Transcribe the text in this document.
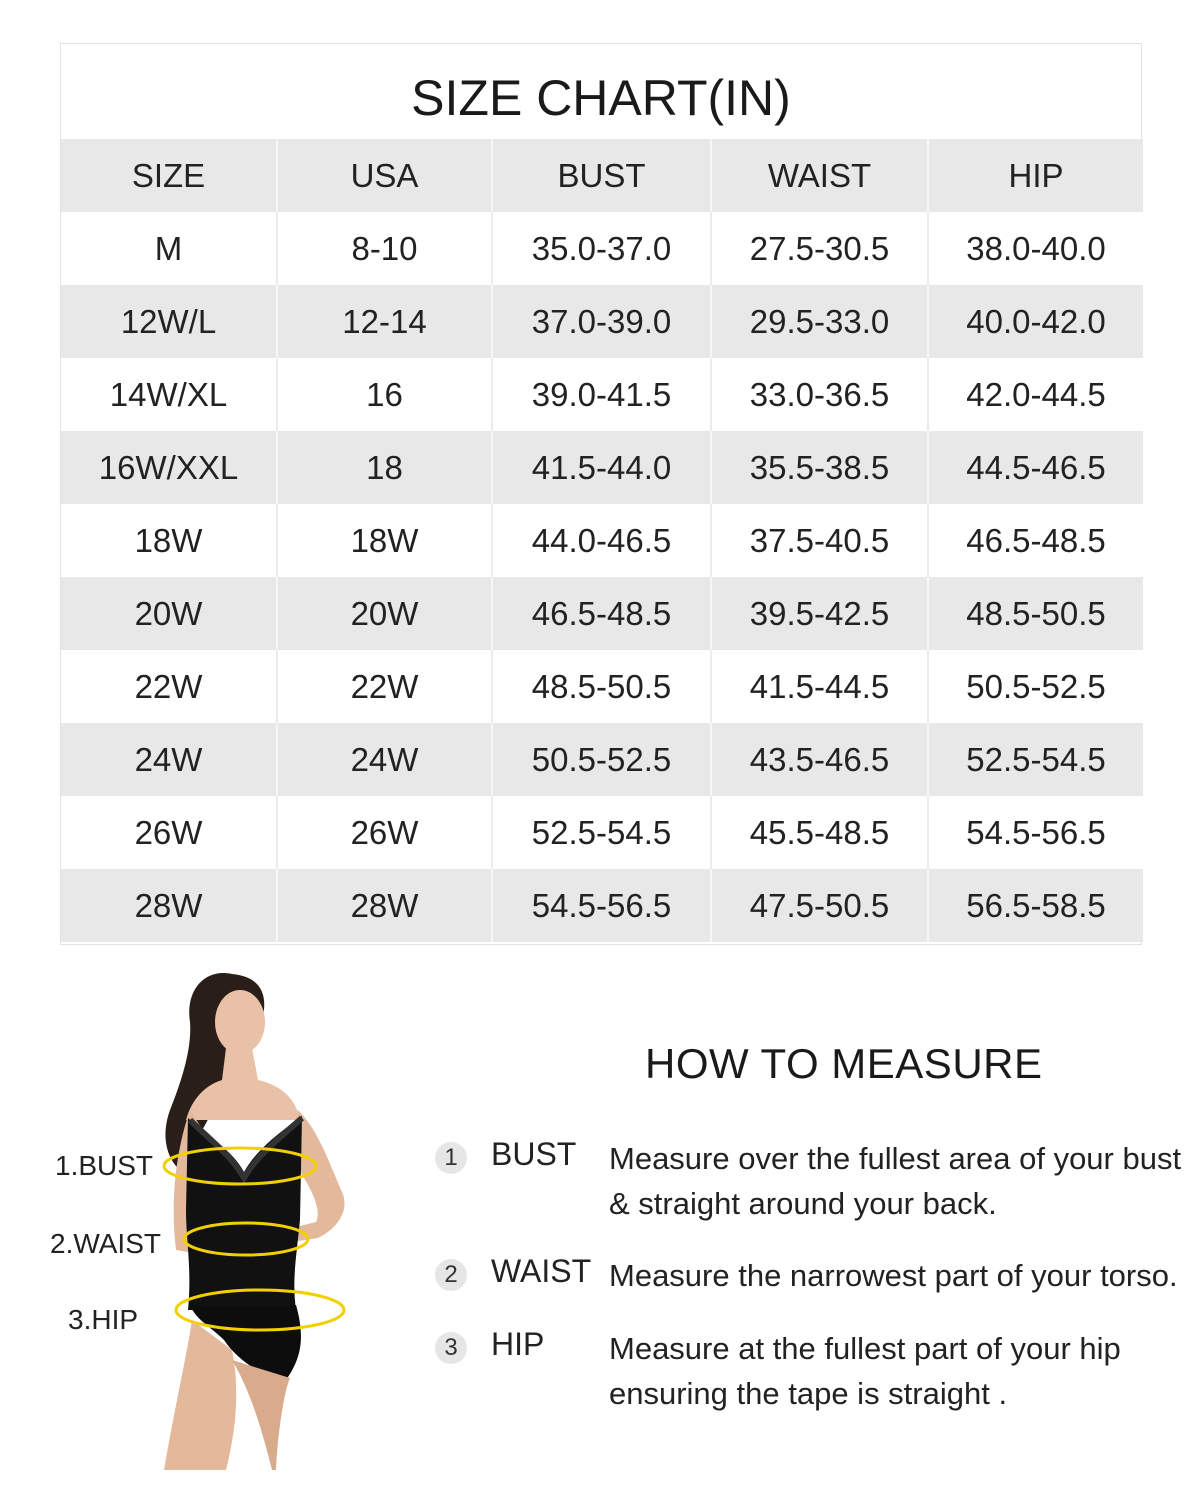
SIZE CHART(IN)
SIZE	USA	BUST	WAIST	HIP
M	8-10	35.0-37.0	27.5-30.5	38.0-40.0
12W/L	12-14	37.0-39.0	29.5-33.0	40.0-42.0
14W/XL	16	39.0-41.5	33.0-36.5	42.0-44.5
16W/XXL	18	41.5-44.0	35.5-38.5	44.5-46.5
18W	18W	44.0-46.5	37.5-40.5	46.5-48.5
20W	20W	46.5-48.5	39.5-42.5	48.5-50.5
22W	22W	48.5-50.5	41.5-44.5	50.5-52.5
24W	24W	50.5-52.5	43.5-46.5	52.5-54.5
26W	26W	52.5-54.5	45.5-48.5	54.5-56.5
28W	28W	54.5-56.5	47.5-50.5	56.5-58.5
1.BUST
2.WAIST
3.HIP
HOW TO MEASURE
1 BUST Measure over the fullest area of your bust & straight around your back.
2 WAIST Measure the narrowest part of your torso.
3 HIP Measure at the fullest part of your hip ensuring the tape is straight .
